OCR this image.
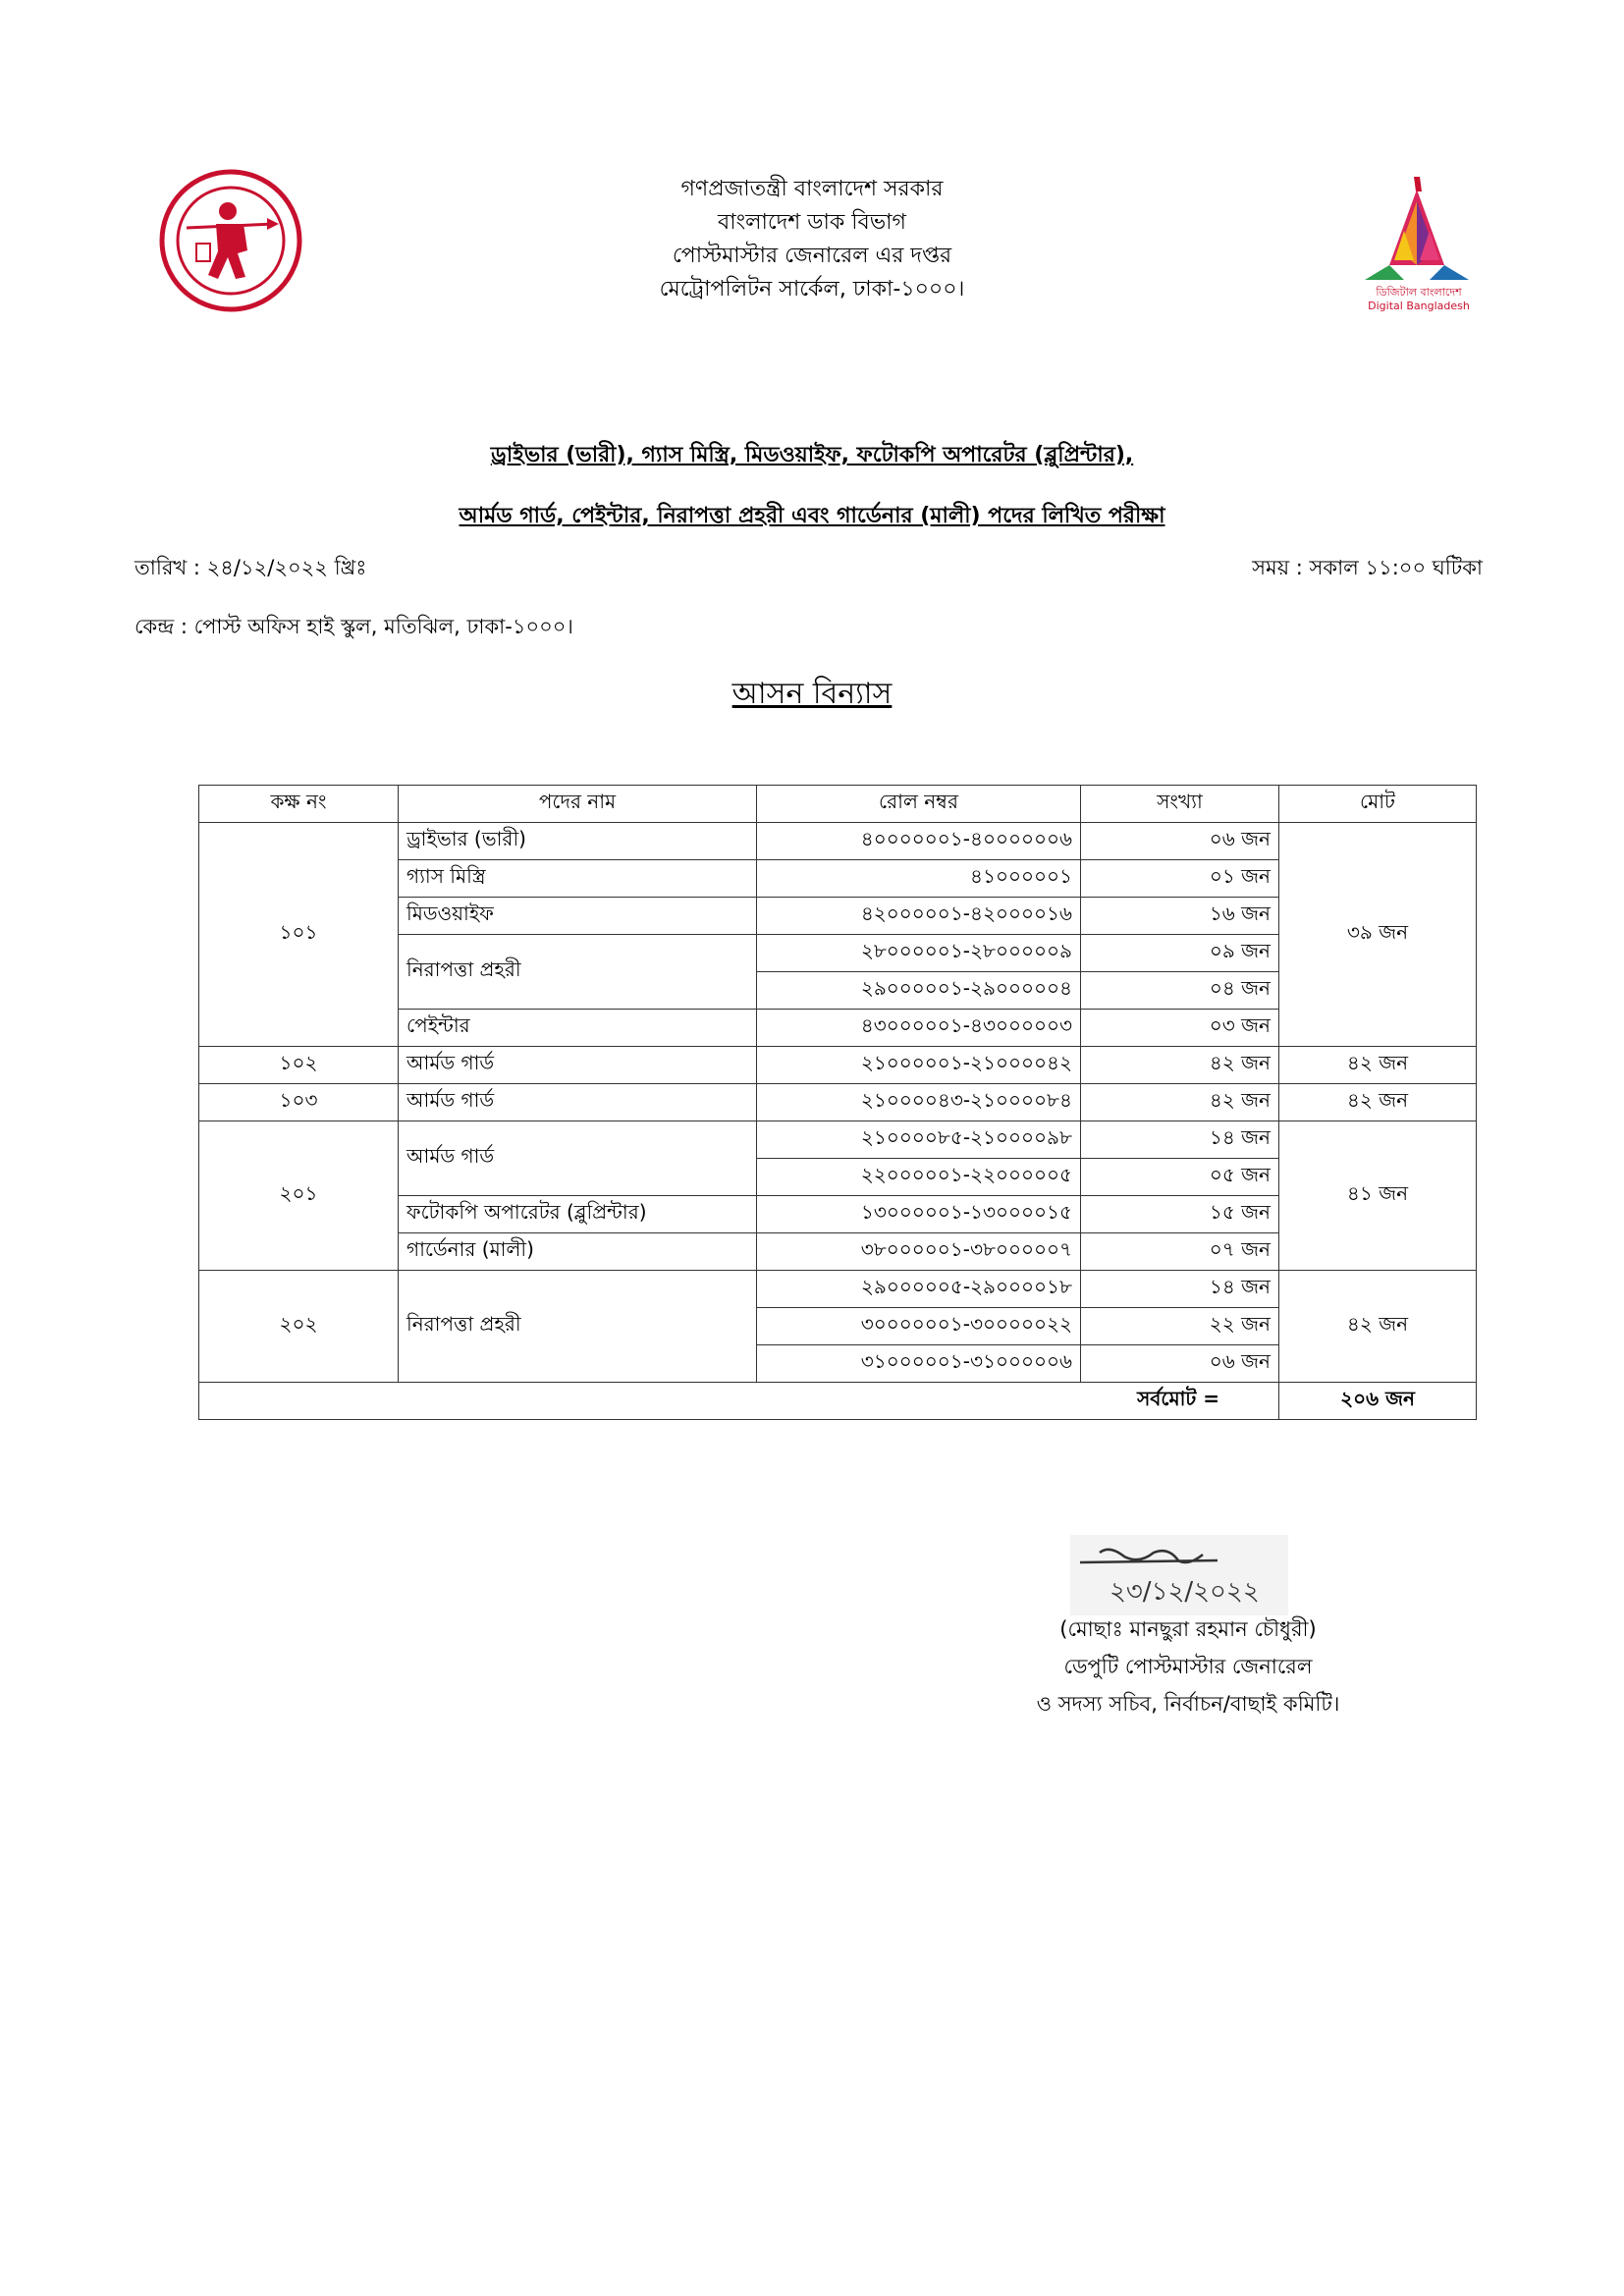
গণপ্রজাতন্ত্রী বাংলাদেশ সরকার
বাংলাদেশ ডাক বিভাগ
পোস্টমাস্টার জেনারেল এর দপ্তর
মেট্রোপলিটন সার্কেল, ঢাকা-১০০০।	ডিজিটাল বাংলাদেশ
Digital Bangladesh
ড্রাইভার (ভারী), গ্যাস মিস্ত্রি, মিডওয়াইফ, ফটোকপি অপারেটর (ব্লুপ্রিন্টার),
আর্মড গার্ড, পেইন্টার, নিরাপত্তা প্রহরী এবং গার্ডেনার (মালী) পদের লিখিত পরীক্ষা
তারিখ : ২৪/১২/২০২২ খ্রিঃ	সময় : সকাল ১১:০০ ঘটিকা
কেন্দ্র : পোস্ট অফিস হাই স্কুল, মতিঝিল, ঢাকা-১০০০।
আসন বিন্যাস
কক্ষ নং	পদের নাম	রোল নম্বর	সংখ্যা	মোট
১০১	ড্রাইভার (ভারী)	৪০০০০০০১-৪০০০০০০৬	০৬ জন	৩৯ জন
	গ্যাস মিস্ত্রি	৪১০০০০০১	০১ জন	
	মিডওয়াইফ	৪২০০০০০১-৪২০০০০১৬	১৬ জন	
	নিরাপত্তা প্রহরী	২৮০০০০০১-২৮০০০০০৯	০৯ জন	
		২৯০০০০০১-২৯০০০০০৪	০৪ জন	
	পেইন্টার	৪৩০০০০০১-৪৩০০০০০৩	০৩ জন	
১০২	আর্মড গার্ড	২১০০০০০১-২১০০০০৪২	৪২ জন	৪২ জন
১০৩	আর্মড গার্ড	২১০০০০৪৩-২১০০০০৮৪	৪২ জন	৪২ জন
২০১	আর্মড গার্ড	২১০০০০৮৫-২১০০০০৯৮	১৪ জন	৪১ জন
		২২০০০০০১-২২০০০০০৫	০৫ জন	
	ফটোকপি অপারেটর (ব্লুপ্রিন্টার)	১৩০০০০০১-১৩০০০০১৫	১৫ জন	
	গার্ডেনার (মালী)	৩৮০০০০০১-৩৮০০০০০৭	০৭ জন	
২০২	নিরাপত্তা প্রহরী	২৯০০০০০৫-২৯০০০০১৮	১৪ জন	৪২ জন
		৩০০০০০০১-৩০০০০০২২	২২ জন	
		৩১০০০০০১-৩১০০০০০৬	০৬ জন	
সর্বমোট =				২০৬ জন
২৩/১২/২০২২
(মোছাঃ মানছুরা রহমান চৌধুরী)
ডেপুটি পোস্টমাস্টার জেনারেল
ও সদস্য সচিব, নির্বাচন/বাছাই কমিটি।
